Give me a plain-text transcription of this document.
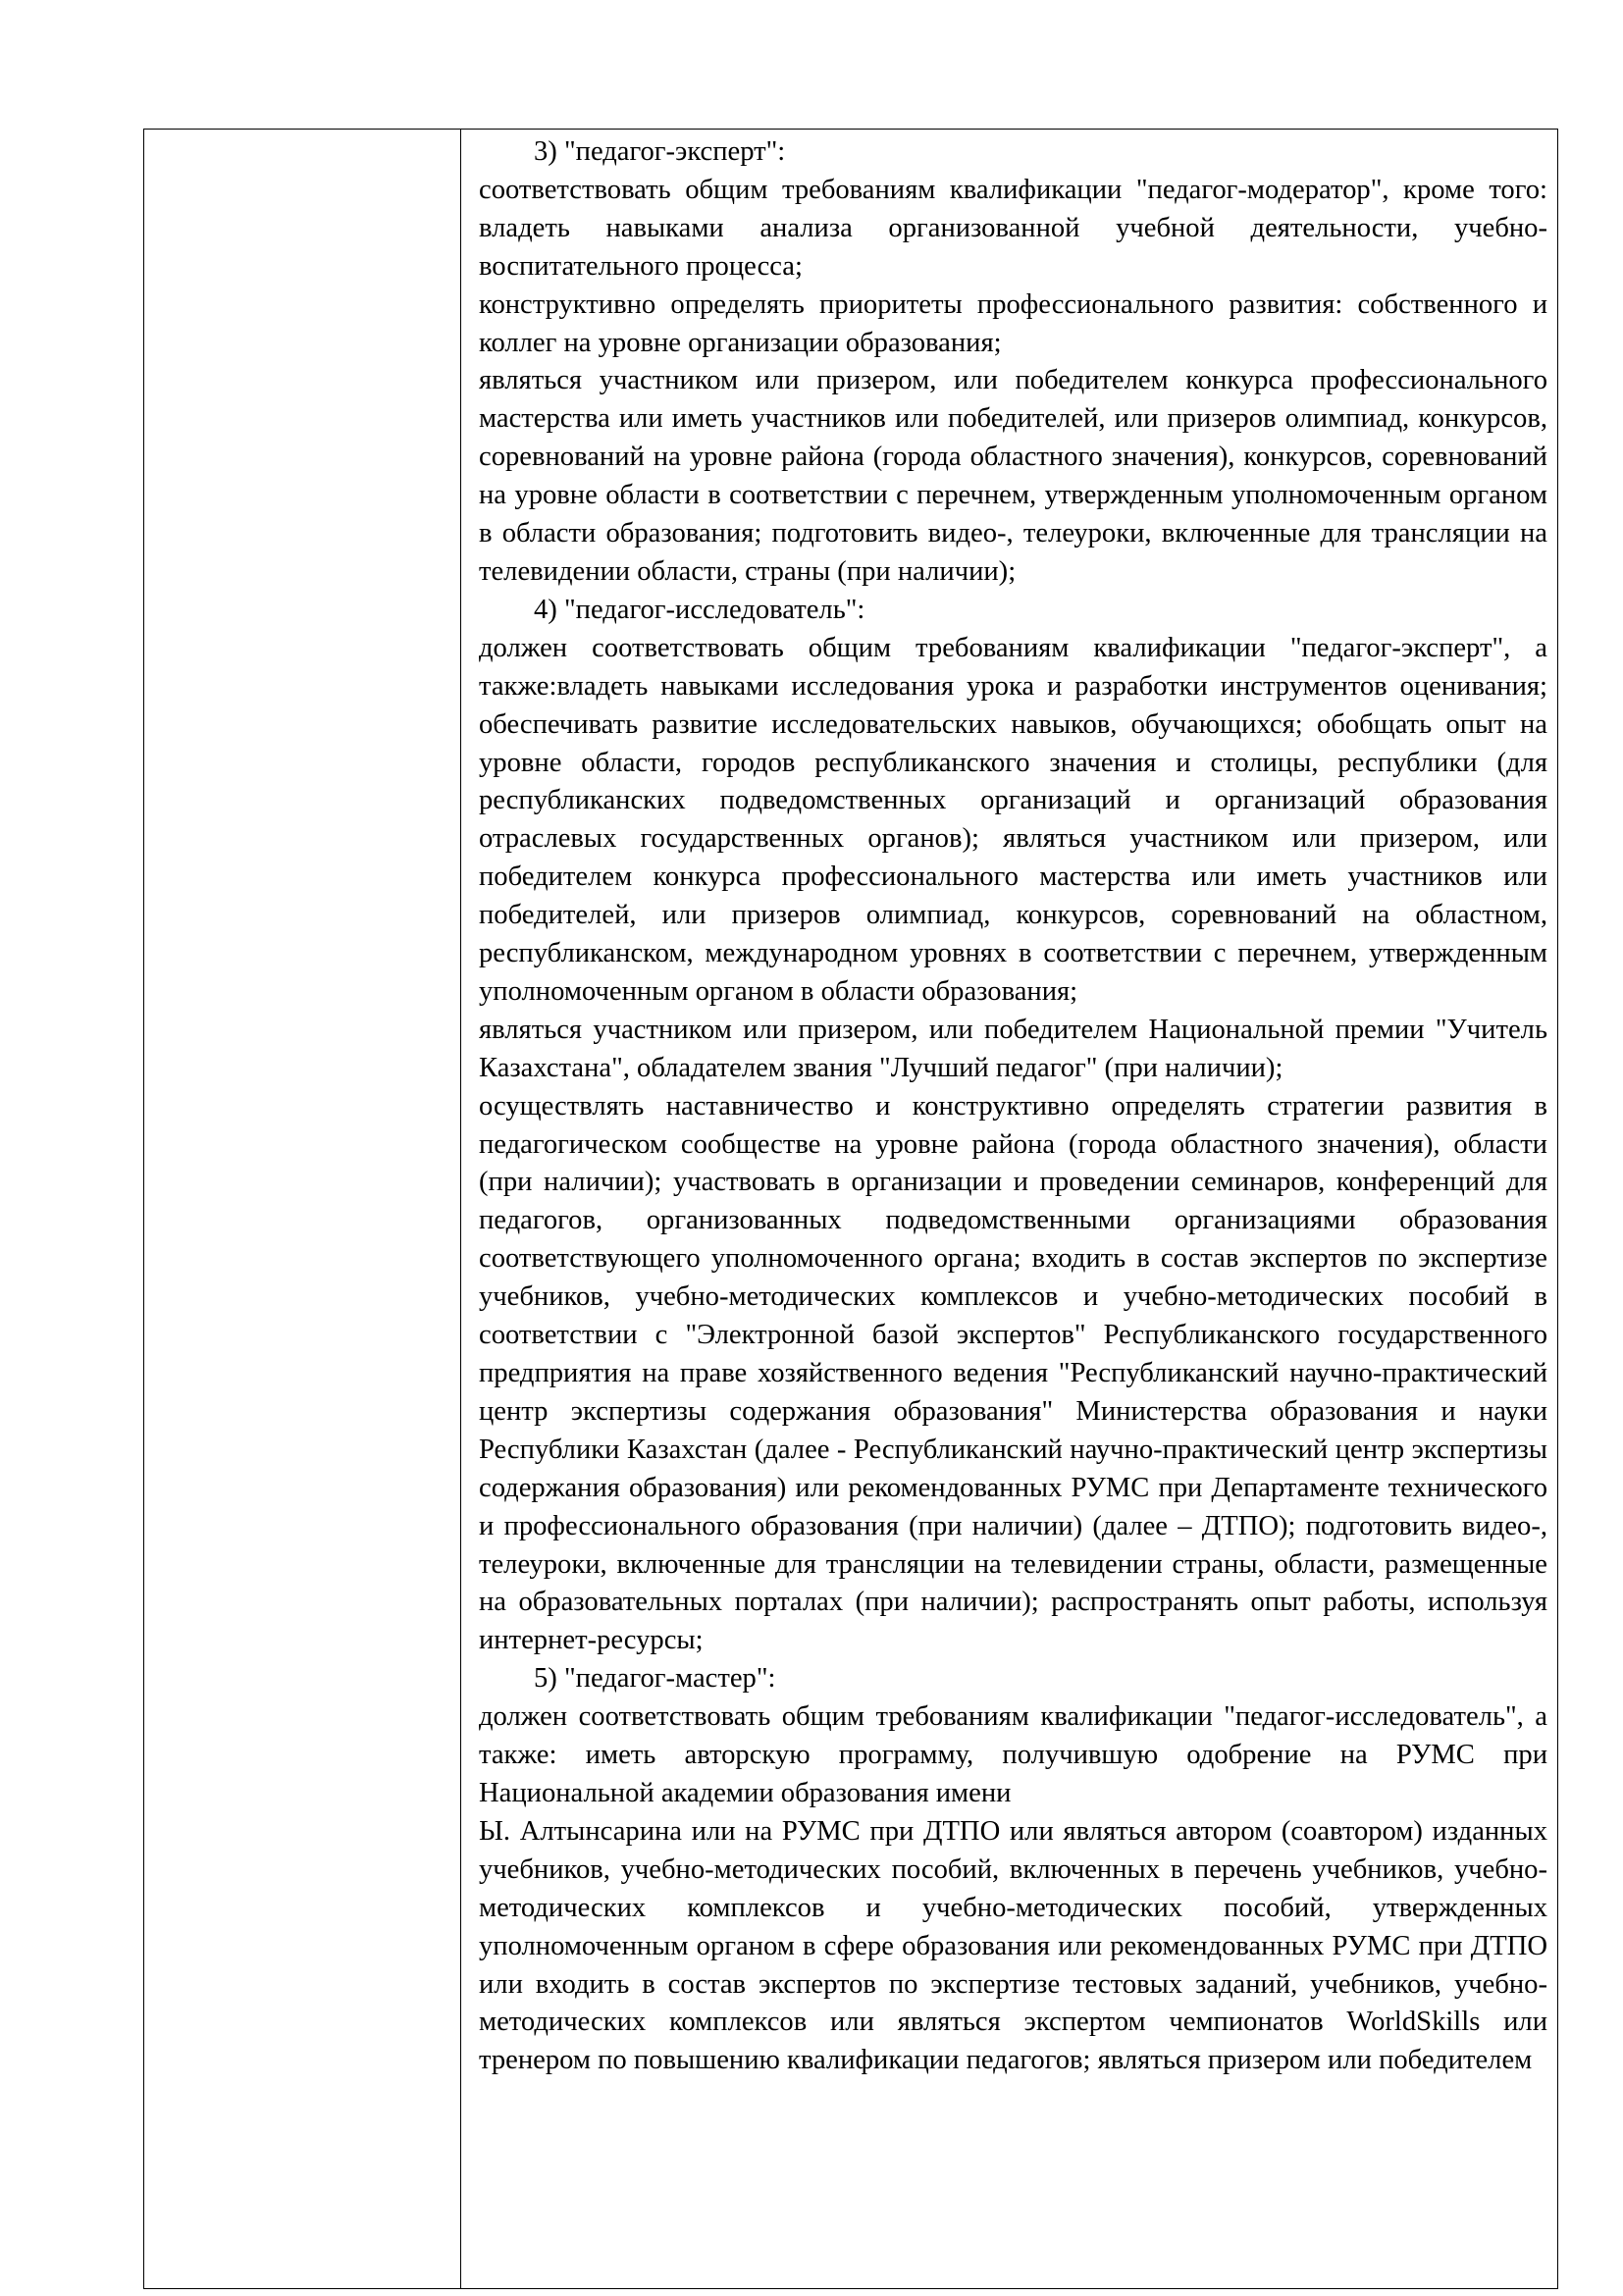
3) "педагог-эксперт":

соответствовать общим требованиям квалификации "педагог-модератор", кроме того: владеть навыками анализа организованной учебной деятельности, учебно-воспитательного процесса;

конструктивно определять приоритеты профессионального развития: собственного и коллег на уровне организации образования;

являться участником или призером, или победителем конкурса профессионального мастерства или иметь участников или победителей, или призеров олимпиад, конкурсов, соревнований на уровне района (города областного значения), конкурсов, соревнований на уровне области в соответствии с перечнем, утвержденным уполномоченным органом в области образования; подготовить видео-, телеуроки, включенные для трансляции на телевидении области, страны (при наличии);

4) "педагог-исследователь":

должен соответствовать общим требованиям квалификации "педагог-эксперт", а также:владеть навыками исследования урока и разработки инструментов оценивания; обеспечивать развитие исследовательских навыков, обучающихся; обобщать опыт на уровне области, городов республиканского значения и столицы, республики (для республиканских подведомственных организаций и организаций образования отраслевых государственных органов); являться участником или призером, или победителем конкурса профессионального мастерства или иметь участников или победителей, или призеров олимпиад, конкурсов, соревнований на областном, республиканском, международном уровнях в соответствии с перечнем, утвержденным уполномоченным органом в области образования;

являться участником или призером, или победителем Национальной премии "Учитель Казахстана", обладателем звания "Лучший педагог" (при наличии);

осуществлять наставничество и конструктивно определять стратегии развития в педагогическом сообществе на уровне района (города областного значения), области (при наличии); участвовать в организации и проведении семинаров, конференций для педагогов, организованных подведомственными организациями образования соответствующего уполномоченного органа; входить в состав экспертов по экспертизе учебников, учебно-методических комплексов и учебно-методических пособий в соответствии с "Электронной базой экспертов" Республиканского государственного предприятия на праве хозяйственного ведения "Республиканский научно-практический центр экспертизы содержания образования" Министерства образования и науки Республики Казахстан (далее - Республиканский научно-практический центр экспертизы содержания образования) или рекомендованных РУМС при Департаменте технического и профессионального образования (при наличии) (далее – ДТПО); подготовить видео-, телеуроки, включенные для трансляции на телевидении страны, области, размещенные на образовательных порталах (при наличии); распространять опыт работы, используя интернет-ресурсы;

5) "педагог-мастер":

должен соответствовать общим требованиям квалификации "педагог-исследователь", а также: иметь авторскую программу, получившую одобрение на РУМС при Национальной академии образования имени

Ы. Алтынсарина или на РУМС при ДТПО или являться автором (соавтором) изданных учебников, учебно-методических пособий, включенных в перечень учебников, учебно-методических комплексов и учебно-методических пособий, утвержденных уполномоченным органом в сфере образования или рекомендованных РУМС при ДТПО или входить в состав экспертов по экспертизе тестовых заданий, учебников, учебно-методических комплексов или являться экспертом чемпионатов WorldSkills или тренером по повышению квалификации педагогов; являться призером или победителем
